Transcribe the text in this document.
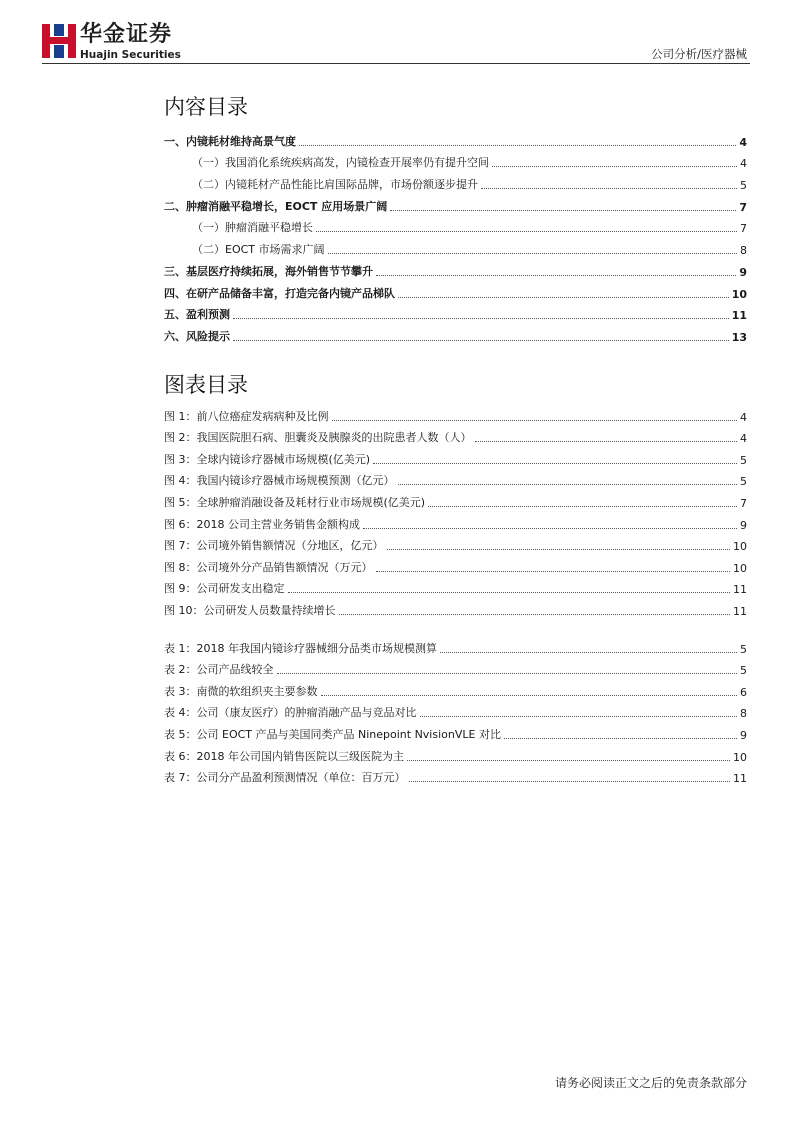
华金证券
Huajin Securities	公司分析/医疗器械
内容目录
一、内镜耗材维持高景气度	4
（一）我国消化系统疾病高发，内镜检查开展率仍有提升空间	4
（二）内镜耗材产品性能比肩国际品牌，市场份额逐步提升	5
二、肿瘤消融平稳增长，EOCT 应用场景广阔	7
（一）肿瘤消融平稳增长	7
（二）EOCT 市场需求广阔	8
三、基层医疗持续拓展，海外销售节节攀升	9
四、在研产品储备丰富，打造完备内镜产品梯队	10
五、盈利预测	11
六、风险提示	13
图表目录
图 1：前八位癌症发病病种及比例	4
图 2：我国医院胆石病、胆囊炎及胰腺炎的出院患者人数（人）	4
图 3：全球内镜诊疗器械市场规模(亿美元)	5
图 4：我国内镜诊疗器械市场规模预测（亿元）	5
图 5：全球肿瘤消融设备及耗材行业市场规模(亿美元)	7
图 6：2018 公司主营业务销售金额构成	9
图 7：公司境外销售额情况（分地区，亿元）	10
图 8：公司境外分产品销售额情况（万元）	10
图 9：公司研发支出稳定	11
图 10：公司研发人员数量持续增长	11
表 1：2018 年我国内镜诊疗器械细分品类市场规模测算	5
表 2：公司产品线较全	5
表 3：南微的软组织夹主要参数	6
表 4：公司（康友医疗）的肿瘤消融产品与竞品对比	8
表 5：公司 EOCT 产品与美国同类产品 Ninepoint NvisionVLE 对比	9
表 6：2018 年公司国内销售医院以三级医院为主	10
表 7：公司分产品盈利预测情况（单位：百万元）	11
请务必阅读正文之后的免责条款部分
